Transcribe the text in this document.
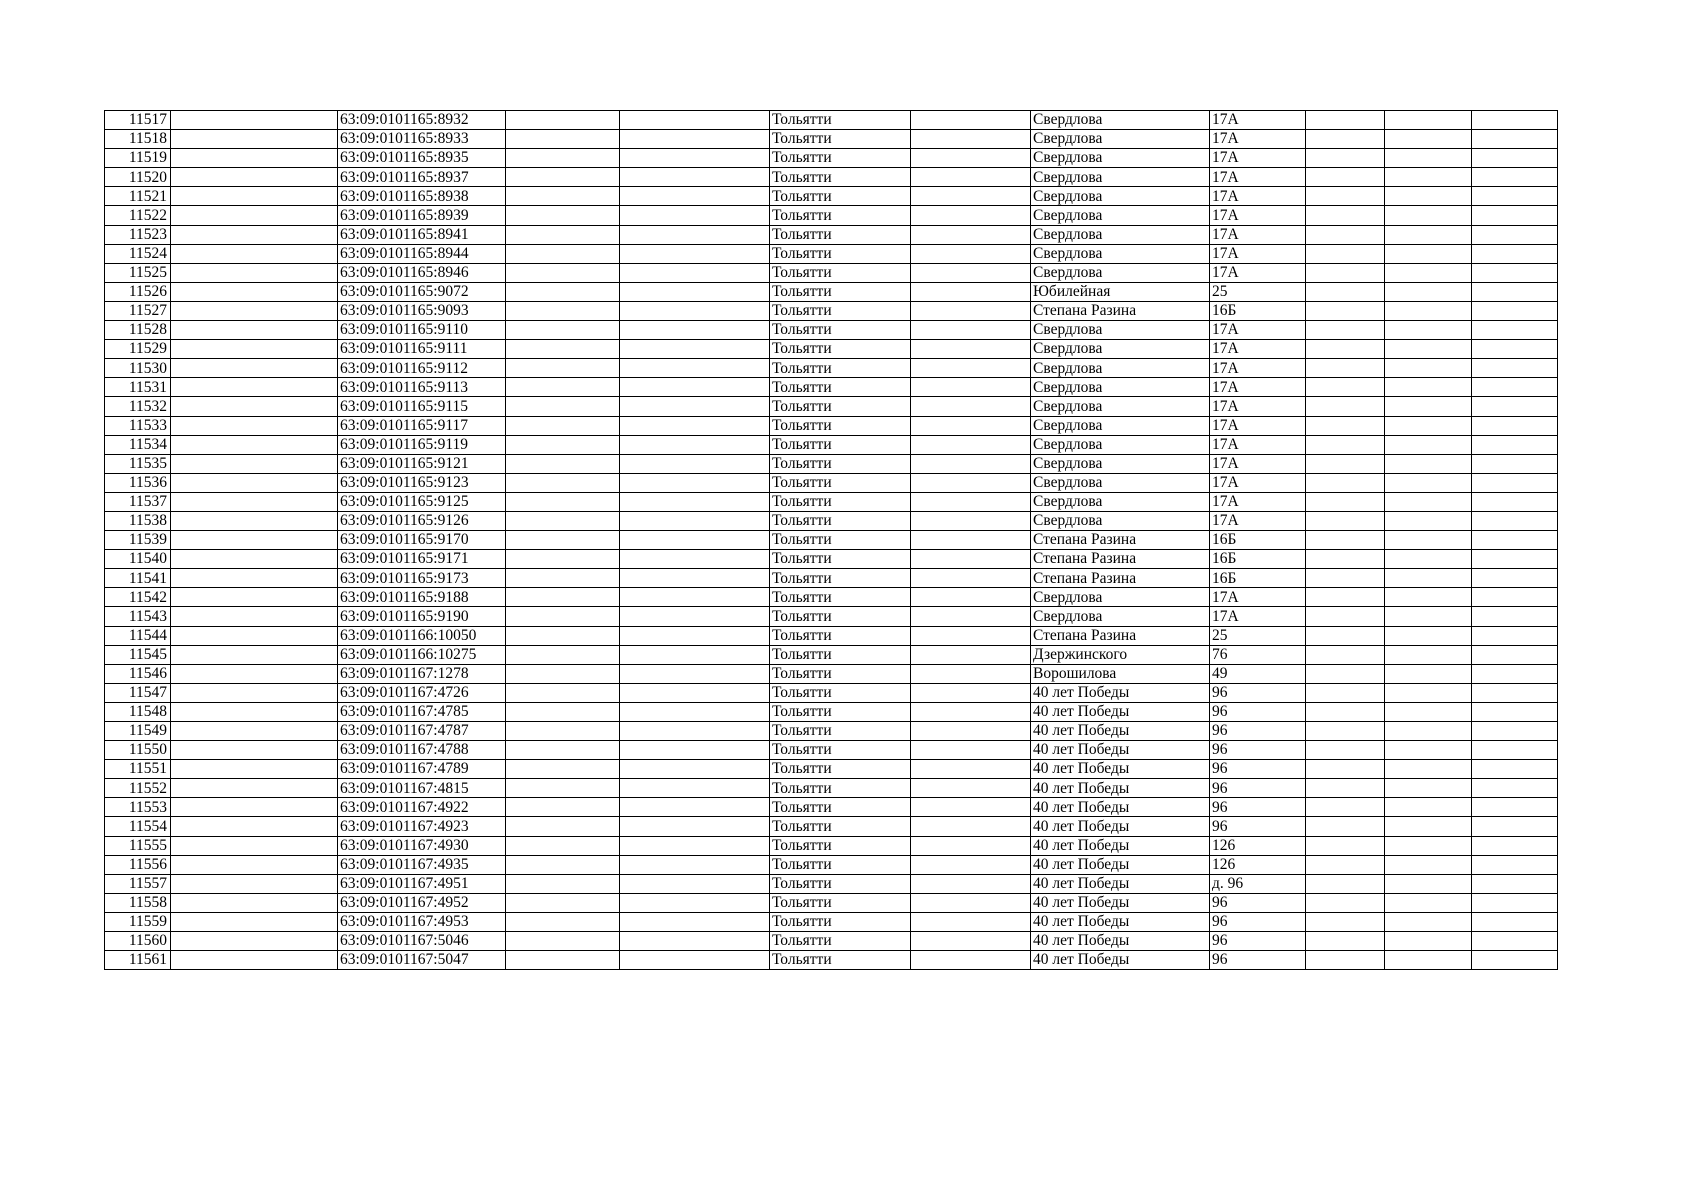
11517		63:09:0101165:8932			Тольятти		Свердлова	17А			
11518		63:09:0101165:8933			Тольятти		Свердлова	17А			
11519		63:09:0101165:8935			Тольятти		Свердлова	17А			
11520		63:09:0101165:8937			Тольятти		Свердлова	17А			
11521		63:09:0101165:8938			Тольятти		Свердлова	17А			
11522		63:09:0101165:8939			Тольятти		Свердлова	17А			
11523		63:09:0101165:8941			Тольятти		Свердлова	17А			
11524		63:09:0101165:8944			Тольятти		Свердлова	17А			
11525		63:09:0101165:8946			Тольятти		Свердлова	17А			
11526		63:09:0101165:9072			Тольятти		Юбилейная	25			
11527		63:09:0101165:9093			Тольятти		Степана Разина	16Б			
11528		63:09:0101165:9110			Тольятти		Свердлова	17А			
11529		63:09:0101165:9111			Тольятти		Свердлова	17А			
11530		63:09:0101165:9112			Тольятти		Свердлова	17А			
11531		63:09:0101165:9113			Тольятти		Свердлова	17А			
11532		63:09:0101165:9115			Тольятти		Свердлова	17А			
11533		63:09:0101165:9117			Тольятти		Свердлова	17А			
11534		63:09:0101165:9119			Тольятти		Свердлова	17А			
11535		63:09:0101165:9121			Тольятти		Свердлова	17А			
11536		63:09:0101165:9123			Тольятти		Свердлова	17А			
11537		63:09:0101165:9125			Тольятти		Свердлова	17А			
11538		63:09:0101165:9126			Тольятти		Свердлова	17А			
11539		63:09:0101165:9170			Тольятти		Степана Разина	16Б			
11540		63:09:0101165:9171			Тольятти		Степана Разина	16Б			
11541		63:09:0101165:9173			Тольятти		Степана Разина	16Б			
11542		63:09:0101165:9188			Тольятти		Свердлова	17А			
11543		63:09:0101165:9190			Тольятти		Свердлова	17А			
11544		63:09:0101166:10050			Тольятти		Степана Разина	25			
11545		63:09:0101166:10275			Тольятти		Дзержинского	76			
11546		63:09:0101167:1278			Тольятти		Ворошилова	49			
11547		63:09:0101167:4726			Тольятти		40 лет Победы	96			
11548		63:09:0101167:4785			Тольятти		40 лет Победы	96			
11549		63:09:0101167:4787			Тольятти		40 лет Победы	96			
11550		63:09:0101167:4788			Тольятти		40 лет Победы	96			
11551		63:09:0101167:4789			Тольятти		40 лет Победы	96			
11552		63:09:0101167:4815			Тольятти		40 лет Победы	96			
11553		63:09:0101167:4922			Тольятти		40 лет Победы	96			
11554		63:09:0101167:4923			Тольятти		40 лет Победы	96			
11555		63:09:0101167:4930			Тольятти		40 лет Победы	126			
11556		63:09:0101167:4935			Тольятти		40 лет Победы	126			
11557		63:09:0101167:4951			Тольятти		40 лет Победы	д. 96			
11558		63:09:0101167:4952			Тольятти		40 лет Победы	96			
11559		63:09:0101167:4953			Тольятти		40 лет Победы	96			
11560		63:09:0101167:5046			Тольятти		40 лет Победы	96			
11561		63:09:0101167:5047			Тольятти		40 лет Победы	96			
